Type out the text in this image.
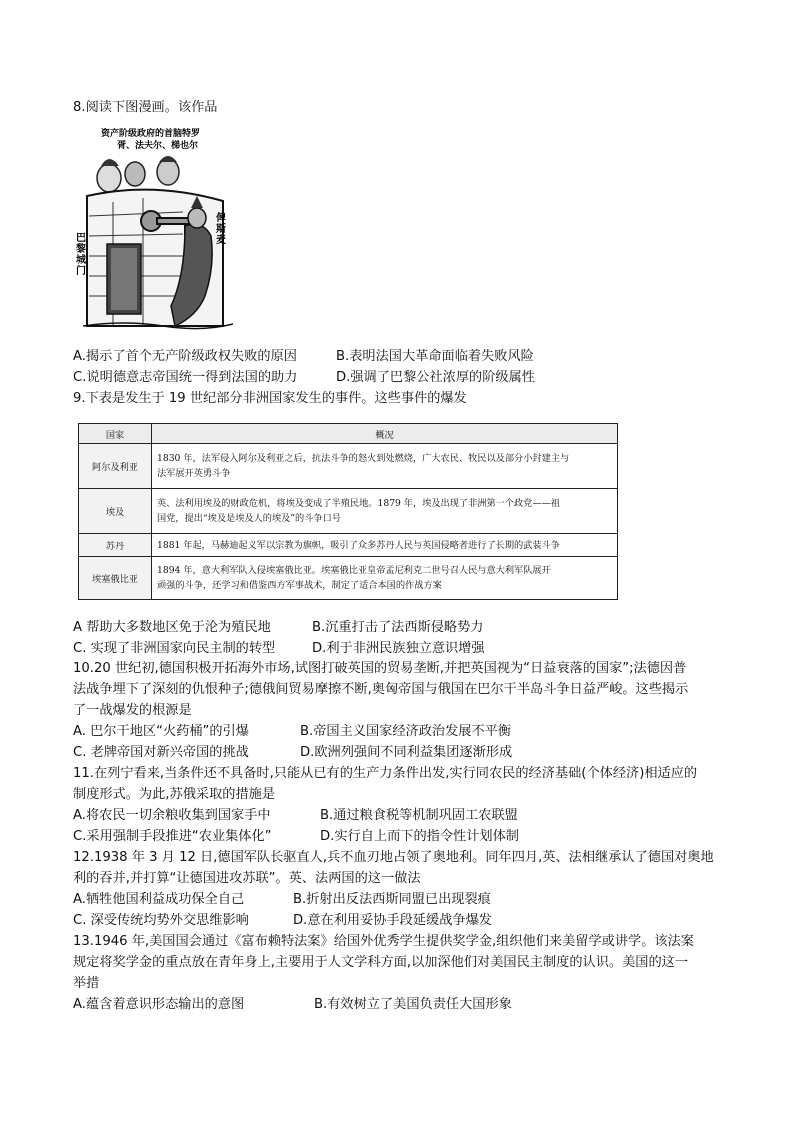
8.阅读下图漫画。该作品
资产阶级政府的首脑特罗
胥、法夫尔、梯也尔
俾斯麦
巴黎城门
A.揭示了首个无产阶级政权失败的原因	B.表明法国大革命面临着失败风险
C.说明德意志帝国统一得到法国的助力	D.强调了巴黎公社浓厚的阶级属性
9.下表是发生于 19 世纪部分非洲国家发生的事件。这些事件的爆发
国家	概况
阿尔及利亚	1830 年，法军侵入阿尔及利亚之后，抗法斗争的怒火到处燃烧，广大农民、牧民以及部分小封建主与
法军展开英勇斗争

埃及	英、法利用埃及的财政危机，将埃及变成了半殖民地。1879 年，埃及出现了非洲第一个政党——祖
国党，提出“埃及是埃及人的埃及”的斗争口号

苏丹	1881 年起，马赫迪起义军以宗教为旗帜，吸引了众多苏丹人民与英国侵略者进行了长期的武装斗争

埃塞俄比亚	1894 年，意大利军队入侵埃塞俄比亚。埃塞俄比亚皇帝孟尼利克二世号召人民与意大利军队展开
顽强的斗争，还学习和借鉴西方军事战术，制定了适合本国的作战方案
A 帮助大多数地区免于沦为殖民地	B.沉重打击了法西斯侵略势力
C. 实现了非洲国家向民主制的转型	D.利于非洲民族独立意识增强
10.20 世纪初,德国积极开拓海外市场,试图打破英国的贸易垄断,并把英国视为“日益衰落的国家”;法德因普
法战争埋下了深刻的仇恨种子;德俄间贸易摩擦不断,奥匈帝国与俄国在巴尔干半岛斗争日益严峻。这些揭示
了一战爆发的根源是
A. 巴尔干地区“火药桶”的引爆	B.帝国主义国家经济政治发展不平衡
C. 老牌帝国对新兴帝国的挑战	D.欧洲列强间不同利益集团逐渐形成
11.在列宁看来,当条件还不具备时,只能从已有的生产力条件出发,实行同农民的经济基础(个体经济)相适应的
制度形式。为此,苏俄采取的措施是
A.将农民一切余粮收集到国家手中	B.通过粮食税等机制巩固工农联盟
C.采用强制手段推进“农业集体化”	D.实行自上而下的指令性计划体制
12.1938 年 3 月 12 日,德国军队长驱直人,兵不血刃地占领了奥地利。同年四月,英、法相继承认了德国对奥地
利的吞并,并打算“让德国进攻苏联”。英、法两国的这一做法
A.牺牲他国利益成功保全自己	B.折射出反法西斯同盟已出现裂痕
C. 深受传统均势外交思维影响	D.意在利用妥协手段延缓战争爆发
13.1946 年,美国国会通过《富布赖特法案》给国外优秀学生提供奖学金,组织他们来美留学或讲学。该法案
规定将奖学金的重点放在青年身上,主要用于人文学科方面,以加深他们对美国民主制度的认识。美国的这一
举措
A.蕴含着意识形态输出的意图	B.有效树立了美国负责任大国形象
